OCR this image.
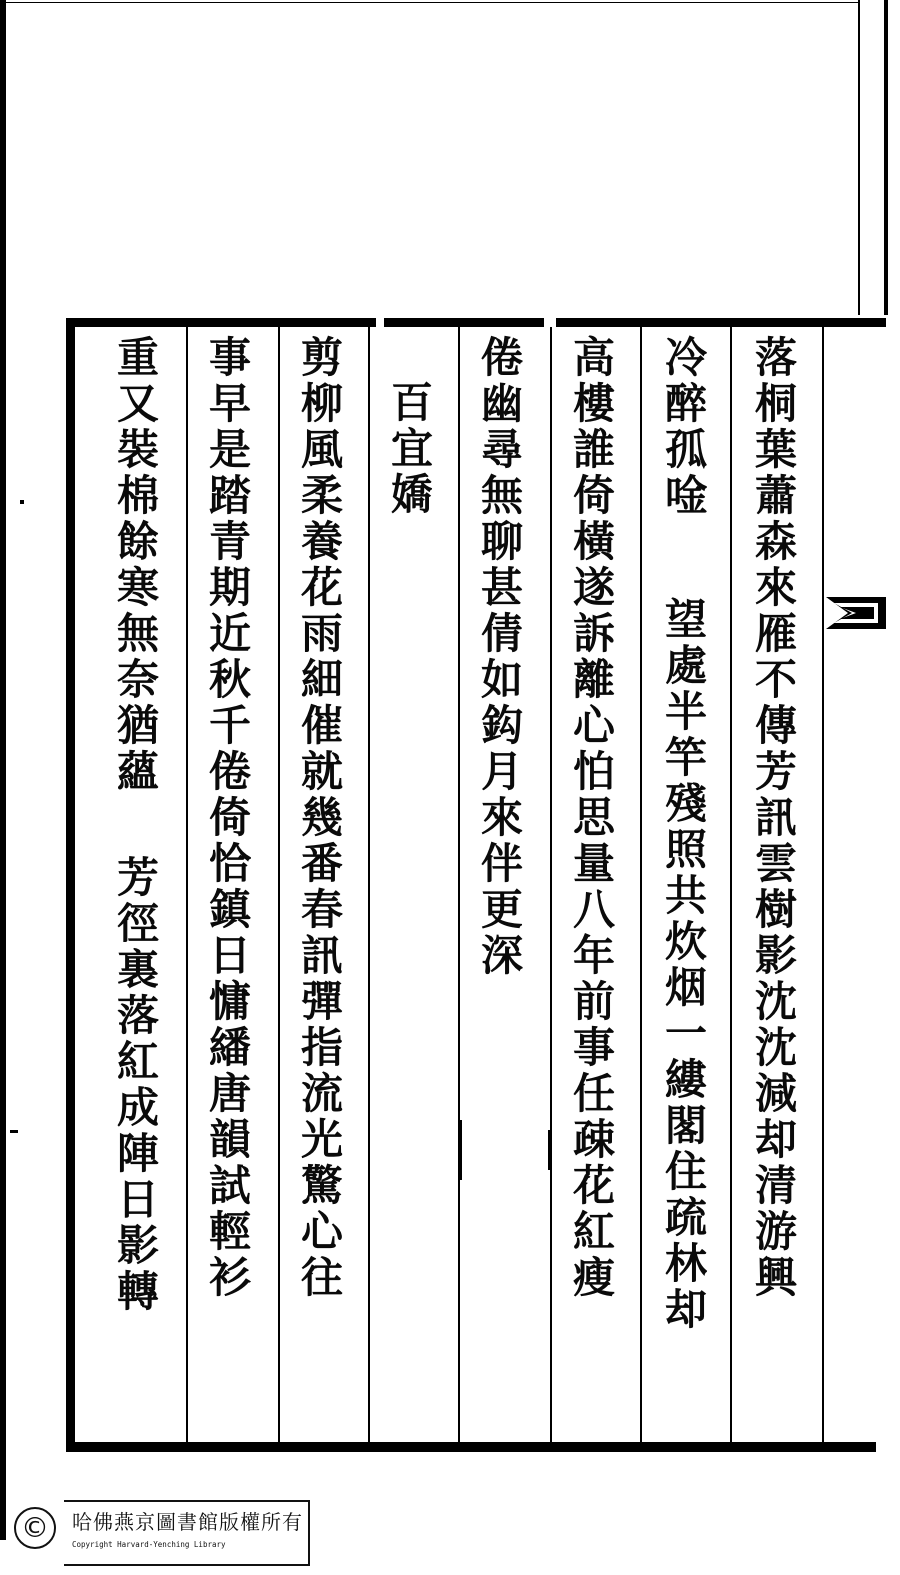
落桐葉蕭森來雁不傳芳訊雲樹影沈沈減却清游興
冷醉孤唫望處半竿殘照共炊烟一縷閣住疏林却
高樓誰倚橫遂訴離心怕思量八年前事任疎花紅瘦
倦幽尋無聊甚倩如鈎月來伴更深
百宜嬌
剪柳風柔養花雨細催就幾番春訊彈指流光驚心往
事早是踏青期近秋千倦倚恰鎮日慵繙唐韻試輕衫
重又裝棉餘寒無奈猶蘊芳徑裏落紅成陣日影轉
©	哈佛燕京圖書館版權所有
Copyright Harvard-Yenching Library
